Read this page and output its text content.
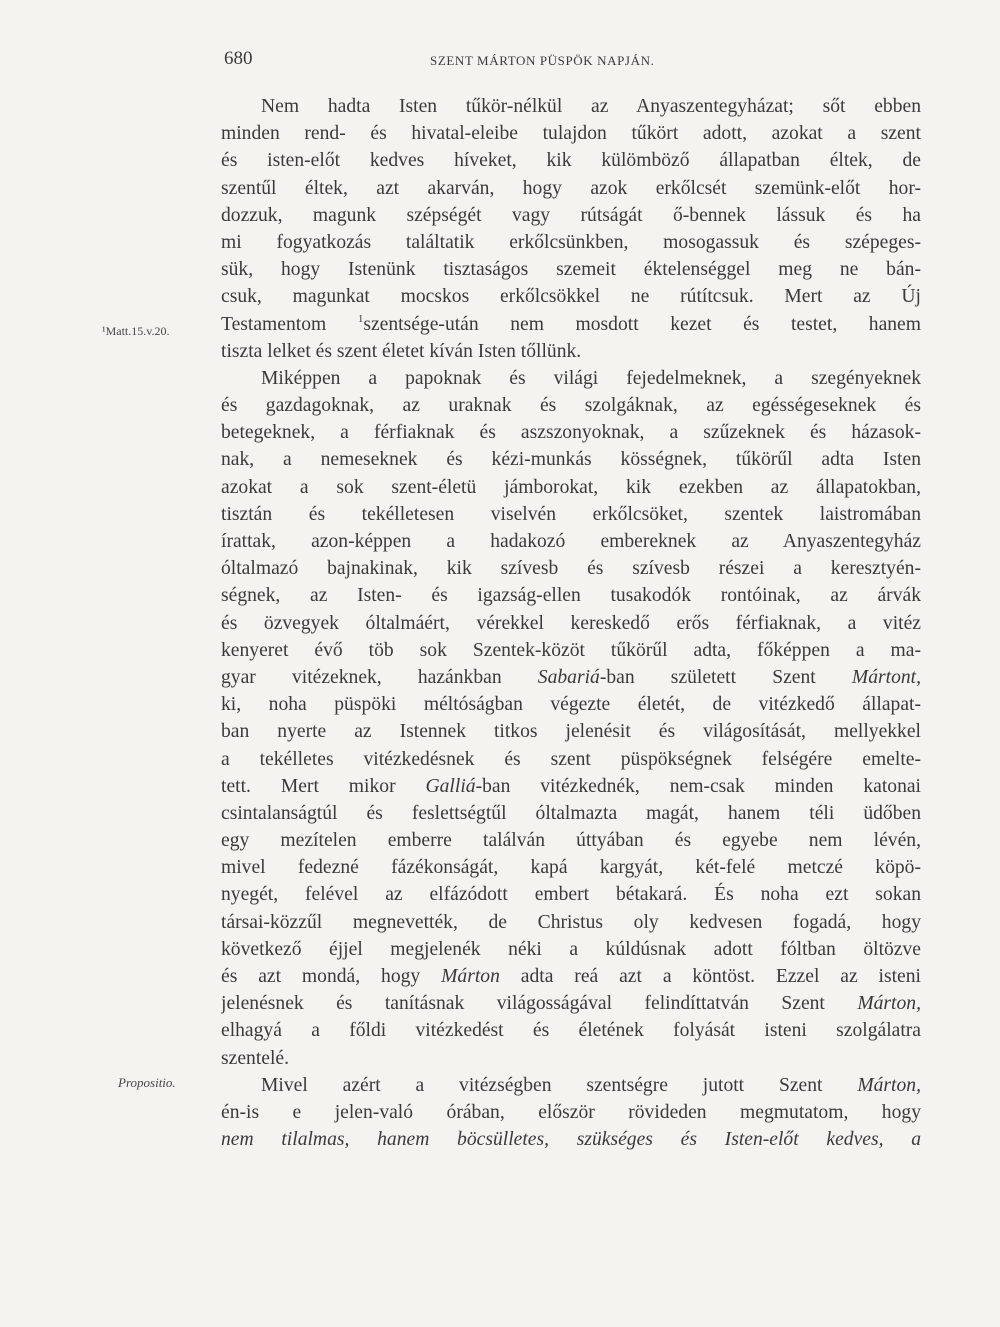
680	SZENT MÁRTON PÜSPÖK NAPJÁN.
¹Matt.15.v.20.
Propositio.
Nem hadta Isten tűkör-nélkül az Anyaszentegyházat; sőt ebben
minden rend- és hivatal-eleibe tulajdon tűkört adott, azokat a szent
és isten-előt kedves híveket, kik külömböző állapatban éltek, de
szentűl éltek, azt akarván, hogy azok erkőlcsét szemünk-előt hor-
dozzuk, magunk szépségét vagy rútságát ő-bennek lássuk és ha
mi fogyatkozás találtatik erkőlcsünkben, mosogassuk és szépeges-
sük, hogy Istenünk tisztaságos szemeit éktelenséggel meg ne bán-
csuk, magunkat mocskos erkőlcsökkel ne rútítcsuk. Mert az Új
Testamentom $^1$szentsége-után nem mosdott kezet és testet, hanem
tiszta lelket és szent életet kíván Isten tőllünk.
Miképpen a papoknak és világi fejedelmeknek, a szegényeknek
és gazdagoknak, az uraknak és szolgáknak, az egésségeseknek és
betegeknek, a férfiaknak és aszszonyoknak, a szűzeknek és házasok-
nak, a nemeseknek és kézi-munkás kösségnek, tűkörűl adta Isten
azokat a sok szent-életü jámborokat, kik ezekben az állapatokban,
tisztán és tekélletesen viselvén erkőlcsöket, szentek laistromában
írattak, azon-képpen a hadakozó embereknek az Anyaszentegyház
óltalmazó bajnakinak, kik szívesb és szívesb részei a keresztyén-
ségnek, az Isten- és igazság-ellen tusakodók rontóinak, az árvák
és özvegyek óltalmáért, vérekkel kereskedő erős férfiaknak, a vitéz
kenyeret évő töb sok Szentek-közöt tűkörűl adta, főképpen a ma-
gyar vitézeknek, hazánkban Sabariá-ban született Szent Mártont,
ki, noha püspöki méltóságban végezte életét, de vitézkedő állapat-
ban nyerte az Istennek titkos jelenésit és világosítását, mellyekkel
a tekélletes vitézkedésnek és szent püspökségnek felségére emelte-
tett. Mert mikor Galliá-ban vitézkednék, nem-csak minden katonai
csintalanságtúl és feslettségtűl óltalmazta magát, hanem téli üdőben
egy mezítelen emberre találván úttyában és egyebe nem lévén,
mivel fedezné fázékonságát, kapá kargyát, két-felé metczé köpö-
nyegét, felével az elfázódott embert bétakará. És noha ezt sokan
társai-közzűl megnevették, de Christus oly kedvesen fogadá, hogy
következő éjjel megjelenék néki a kúldúsnak adott fóltban öltözve
és azt mondá, hogy Márton adta reá azt a köntöst. Ezzel az isteni
jelenésnek és tanításnak világosságával felindíttatván Szent Márton,
elhagyá a főldi vitézkedést és életének folyását isteni szolgálatra
szentelé.
Mivel azért a vitézségben szentségre jutott Szent Márton,
én-is e jelen-való órában, először rövideden megmutatom, hogy
nem tilalmas, hanem böcsülletes, szükséges és Isten-előt kedves, a
